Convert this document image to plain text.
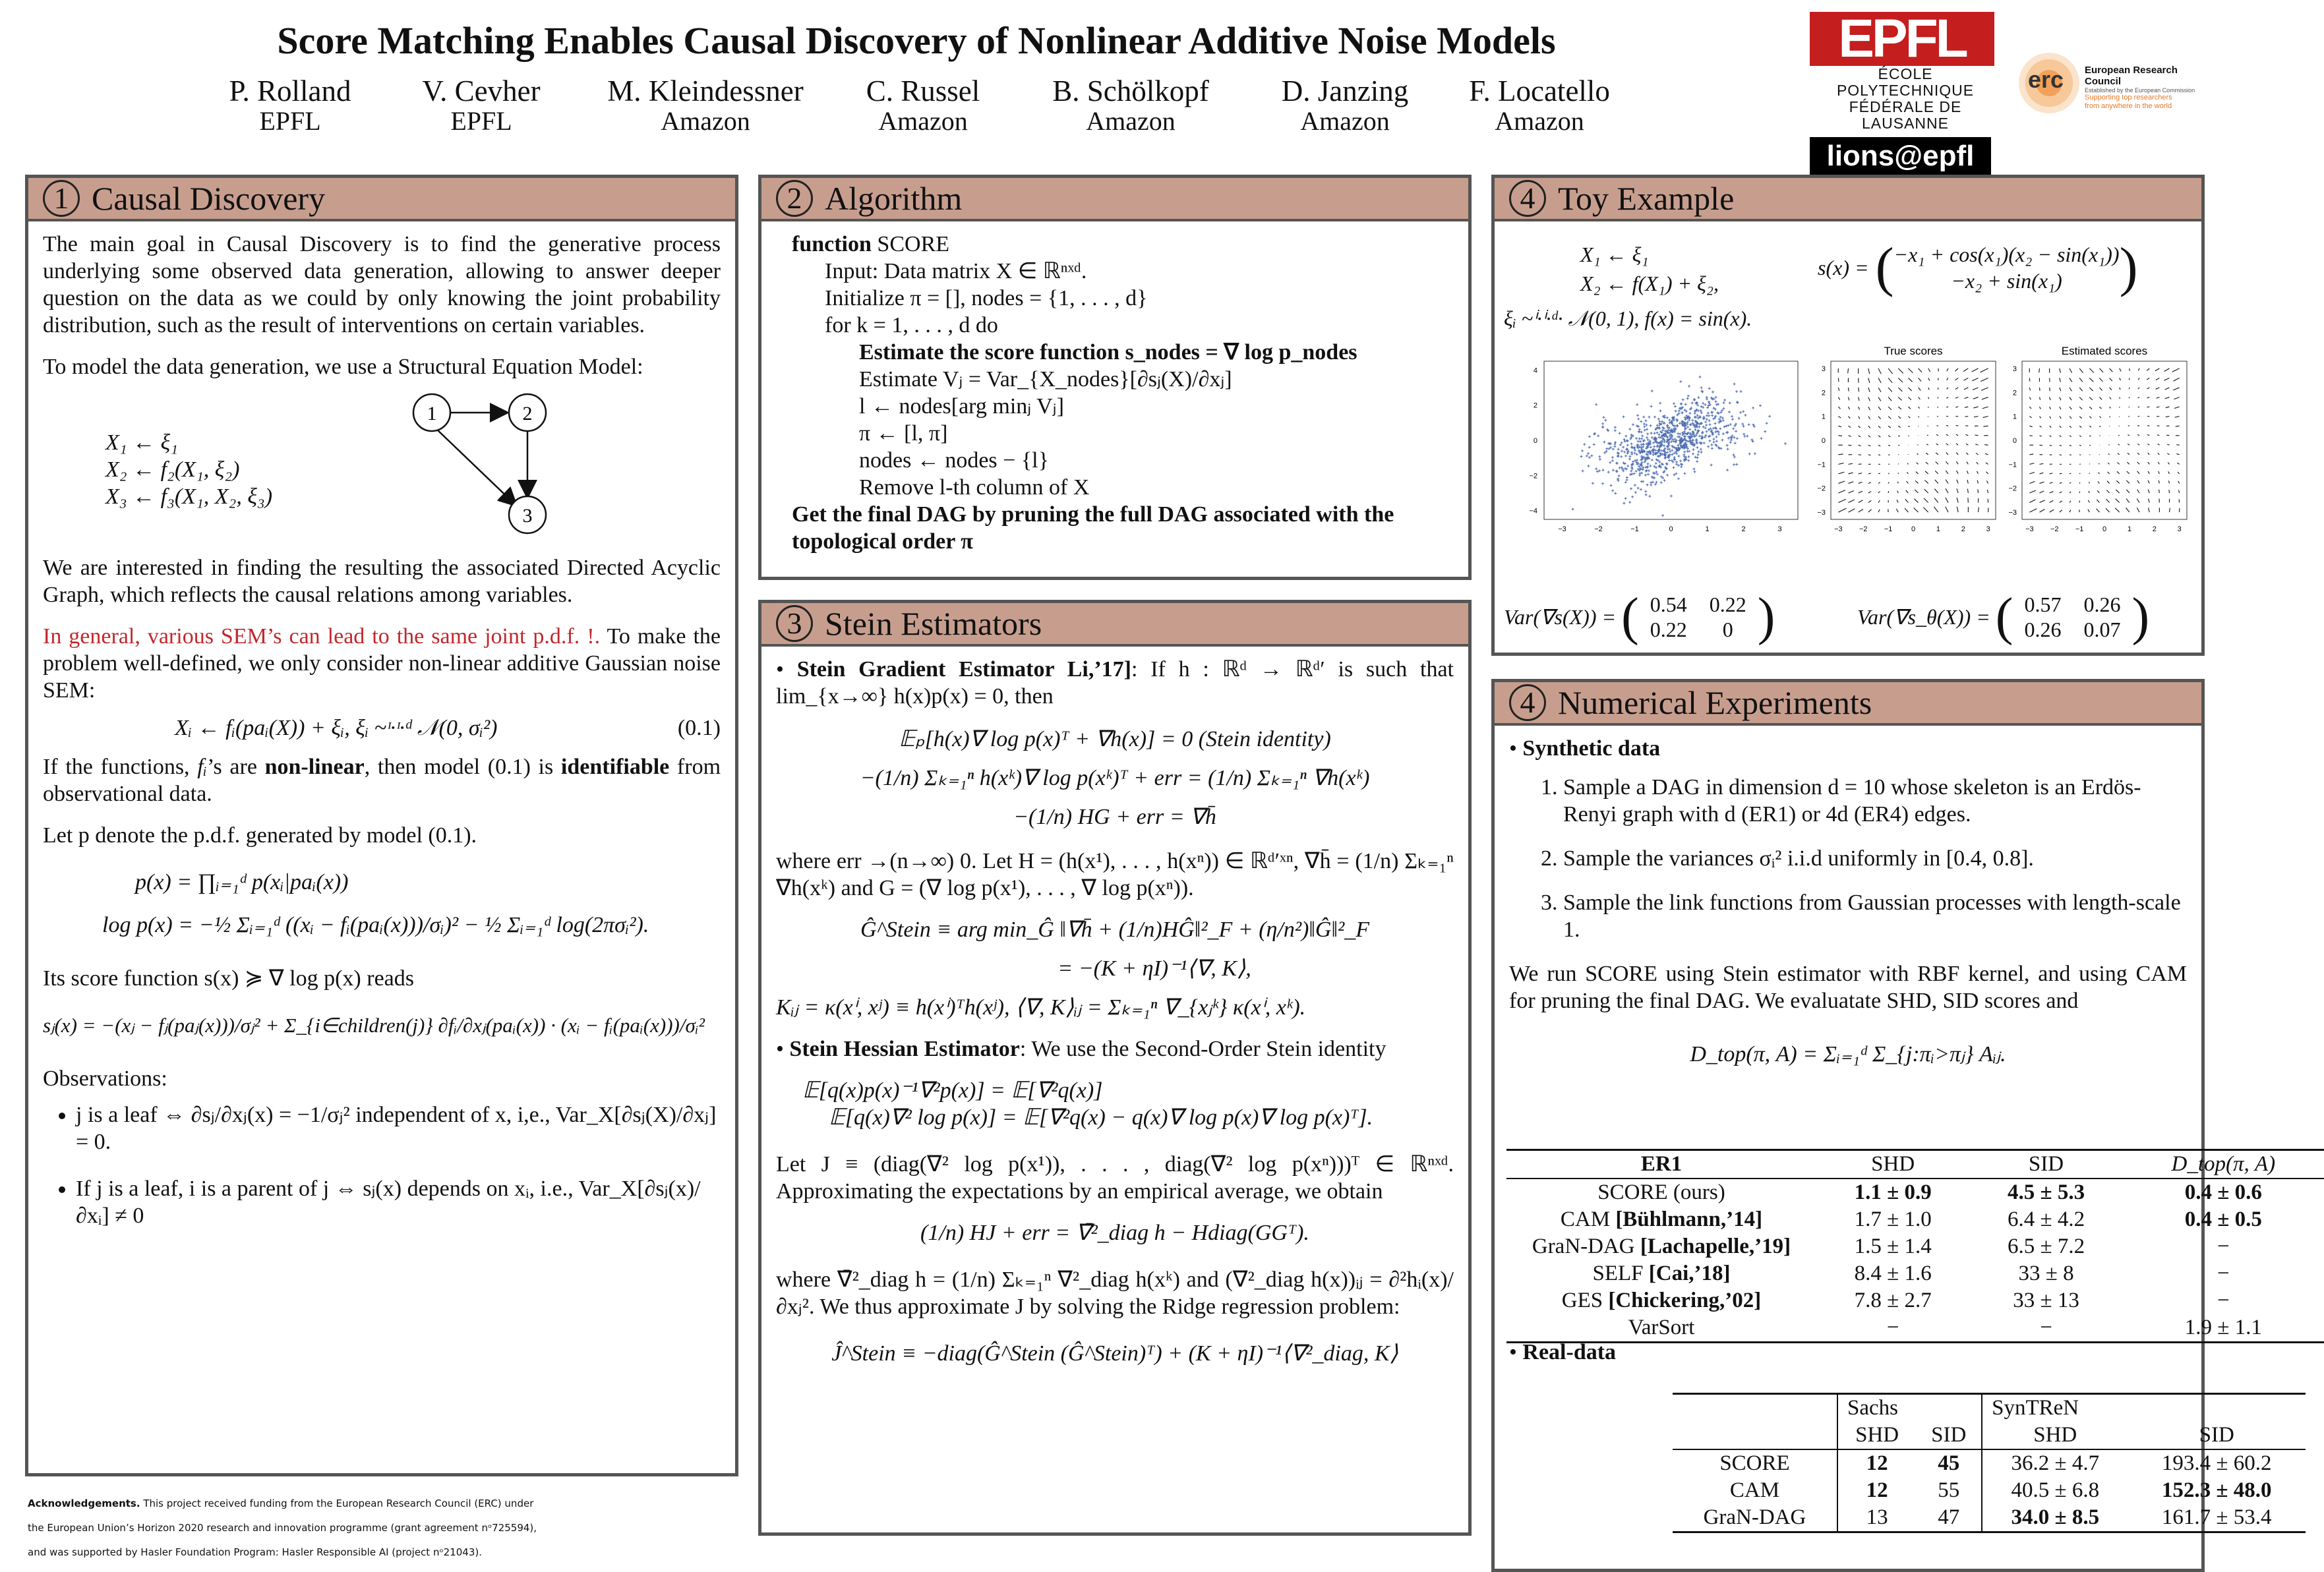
Score Matching Enables Causal Discovery of Nonlinear Additive Noise Models
P. Rolland
EPFL
V. Cevher
EPFL
M. Kleindessner
Amazon
C. Russel
Amazon
B. Schölkopf
Amazon
D. Janzing
Amazon
F. Locatello
Amazon
EPFL
ÉCOLE POLYTECHNIQUE
FÉDÉRALE DE LAUSANNE
lions@epfl
erc European Research Council
Established by the European Commission
Supporting top researchers
from anywhere in the world
1 Causal Discovery

The main goal in Causal Discovery is to find the generative process underlying some observed data generation, allowing to answer deeper question on the data as we could by only knowing the joint probability distribution, such as the result of interventions on certain variables.

To model the data generation, we use a Structural Equation Model:

X₁ ← ξ₁
X₂ ← f₂(X₁, ξ₂)
X₃ ← f₃(X₁, X₂, ξ₃)
1	2
3

We are interested in finding the resulting the associated Directed Acyclic Graph, which reflects the causal relations among variables.

In general, various SEM’s can lead to the same joint p.d.f. !. To make the problem well-defined, we only consider non-linear additive Gaussian noise SEM:

Xᵢ ← fᵢ(paᵢ(X)) + ξᵢ, ξᵢ ~ᶦ·ᶦ·ᵈ 𝒩(0, σᵢ²)	(0.1)

If the functions, fᵢ’s are non-linear, then model (0.1) is identifiable from observational data.

Let p denote the p.d.f. generated by model (0.1).

p(x) = ∏ᵢ₌₁ᵈ p(xᵢ|paᵢ(x))
log p(x) = −½ Σᵢ₌₁ᵈ ((xᵢ − fᵢ(paᵢ(x)))/σᵢ)² − ½ Σᵢ₌₁ᵈ log(2πσᵢ²).

Its score function s(x) ≽ ∇ log p(x) reads

sⱼ(x) = −(xⱼ − fⱼ(paⱼ(x)))/σⱼ² + Σ_{i∈children(j)} ∂fᵢ/∂xⱼ(paᵢ(x)) · (xᵢ − fᵢ(paᵢ(x)))/σᵢ²

Observations:

• j is a leaf ⇔ ∂sⱼ/∂xⱼ(x) = −1/σⱼ² independent of x, i,e., Var_X[∂sⱼ(X)/∂xⱼ] = 0.
• If j is a leaf, i is a parent of j ⇔ sⱼ(x) depends on xᵢ, i.e., Var_X[∂sⱼ(x)/∂xᵢ] ≠ 0
2 Algorithm
function SCORE
Input: Data matrix X ∈ ℝⁿˣᵈ.
Initialize π = [], nodes = {1, . . . , d}
for k = 1, . . . , d do
Estimate the score function s_nodes = ∇ log p_nodes
Estimate Vⱼ = Var_{X_nodes}[∂sⱼ(X)/∂xⱼ]
l ← nodes[arg minⱼ Vⱼ]
π ← [l, π]
nodes ← nodes − {l}
Remove l-th column of X
Get the final DAG by pruning the full DAG associated with the topological order π
3 Stein Estimators

• Stein Gradient Estimator Li,’17]: If h : ℝᵈ → ℝᵈ′ is such that lim_{x→∞} h(x)p(x) = 0, then

𝔼ₚ[h(x)∇ log p(x)ᵀ + ∇h(x)] = 0 (Stein identity)
−(1/n) Σₖ₌₁ⁿ h(xᵏ)∇ log p(xᵏ)ᵀ + err = (1/n) Σₖ₌₁ⁿ ∇h(xᵏ)
−(1/n) HG + err = ∇h̄

where err →(n→∞) 0. Let H = (h(x¹), . . . , h(xⁿ)) ∈ ℝᵈ′ˣⁿ, ∇h̄ = (1/n) Σₖ₌₁ⁿ ∇h(xᵏ) and G = (∇ log p(x¹), . . . , ∇ log p(xⁿ)).

Ĝ^Stein ≡ arg min_Ĝ ‖∇h̄ + (1/n)HĜ‖²_F + (η/n²)‖Ĝ‖²_F
= −(K + ηI)⁻¹⟨∇, K⟩,

Kᵢⱼ = κ(xⁱ, xʲ) ≡ h(xⁱ)ᵀh(xʲ), ⟨∇, K⟩ᵢⱼ = Σₖ₌₁ⁿ ∇_{xⱼᵏ} κ(xⁱ, xᵏ).

• Stein Hessian Estimator: We use the Second-Order Stein identity

𝔼[q(x)p(x)⁻¹∇²p(x)] = 𝔼[∇²q(x)]
𝔼[q(x)∇² log p(x)] = 𝔼[∇²q(x) − q(x)∇ log p(x)∇ log p(x)ᵀ].

Let J ≡ (diag(∇² log p(x¹)), . . . , diag(∇² log p(xⁿ)))ᵀ ∈ ℝⁿˣᵈ. Approximating the expectations by an empirical average, we obtain

(1/n) HJ + err = ∇̄²_diag h − Hdiag(GGᵀ).

where ∇̄²_diag h = (1/n) Σₖ₌₁ⁿ ∇²_diag h(xᵏ) and (∇²_diag h(x))ᵢⱼ = ∂²hᵢ(x)/∂xⱼ². We thus approximate J by solving the Ridge regression problem:

Ĵ^Stein ≡ −diag(Ĝ^Stein (Ĝ^Stein)ᵀ) + (K + ηI)⁻¹⟨∇²_diag, K⟩
4 Toy Example
X₁ ← ξ₁
X₂ ← f(X₁) + ξ₂,
s(x) = ( −x₁ + cos(x₁)(x₂ − sin(x₁))
−x₂ + sin(x₁)	)
ξᵢ ~ⁱ·ⁱ·ᵈ· 𝒩(0, 1), f(x) = sin(x).
4
2
0
−2
−4
−3	−2	−1	0	1	2	3
True scores
3
2
1
0
−1
−2
−3
−3 −2 −1	0	1	2	3
Estimated scores
3
2
1
0
−1
−2
−3
−3 −2 −1	0	1	2	3
Var(∇s(X)) = ( 0.54	0.22
0.22	0 )	Var(∇s_θ(X)) = ( 0.57	0.26
0.26	0.07 )
4 Numerical Experiments

• Synthetic data

1. Sample a DAG in dimension d = 10 whose skeleton is an Erdös-Renyi graph with d (ER1) or 4d (ER4) edges.
2. Sample the variances σᵢ² i.i.d uniformly in [0.4, 0.8].
3. Sample the link functions from Gaussian processes with length-scale 1.

We run SCORE using Stein estimator with RBF kernel, and using CAM for pruning the final DAG. We evaluatate SHD, SID scores and

D_top(π, A) = Σᵢ₌₁ᵈ Σ_{j:πᵢ>πⱼ} Aᵢⱼ.
ER1	SHD	SID	D_top(π, A)
SCORE (ours)	1.1 ± 0.9	4.5 ± 5.3	0.4 ± 0.6
CAM [Bühlmann,’14]	1.7 ± 1.0	6.4 ± 4.2	0.4 ± 0.5
GraN-DAG [Lachapelle,’19]	1.5 ± 1.4	6.5 ± 7.2	−
SELF [Cai,’18]	8.4 ± 1.6	33 ± 8	−
GES [Chickering,’02]	7.8 ± 2.7	33 ± 13	−
VarSort	−	−	1.9 ± 1.1

• Real-data

	Sachs		SynTReN	
	SHD	SID	SHD	SID
SCORE	12	45	36.2 ± 4.7	193.4 ± 60.2
CAM	12	55	40.5 ± 6.8	152.3 ± 48.0
GraN-DAG	13	47	34.0 ± 8.5	161.7 ± 53.4
Acknowledgements. This project received funding from the European Research Council (ERC) under
the European Union’s Horizon 2020 research and innovation programme (grant agreement nᵒ725594),
and was supported by Hasler Foundation Program: Hasler Responsible AI (project nᵒ21043).
